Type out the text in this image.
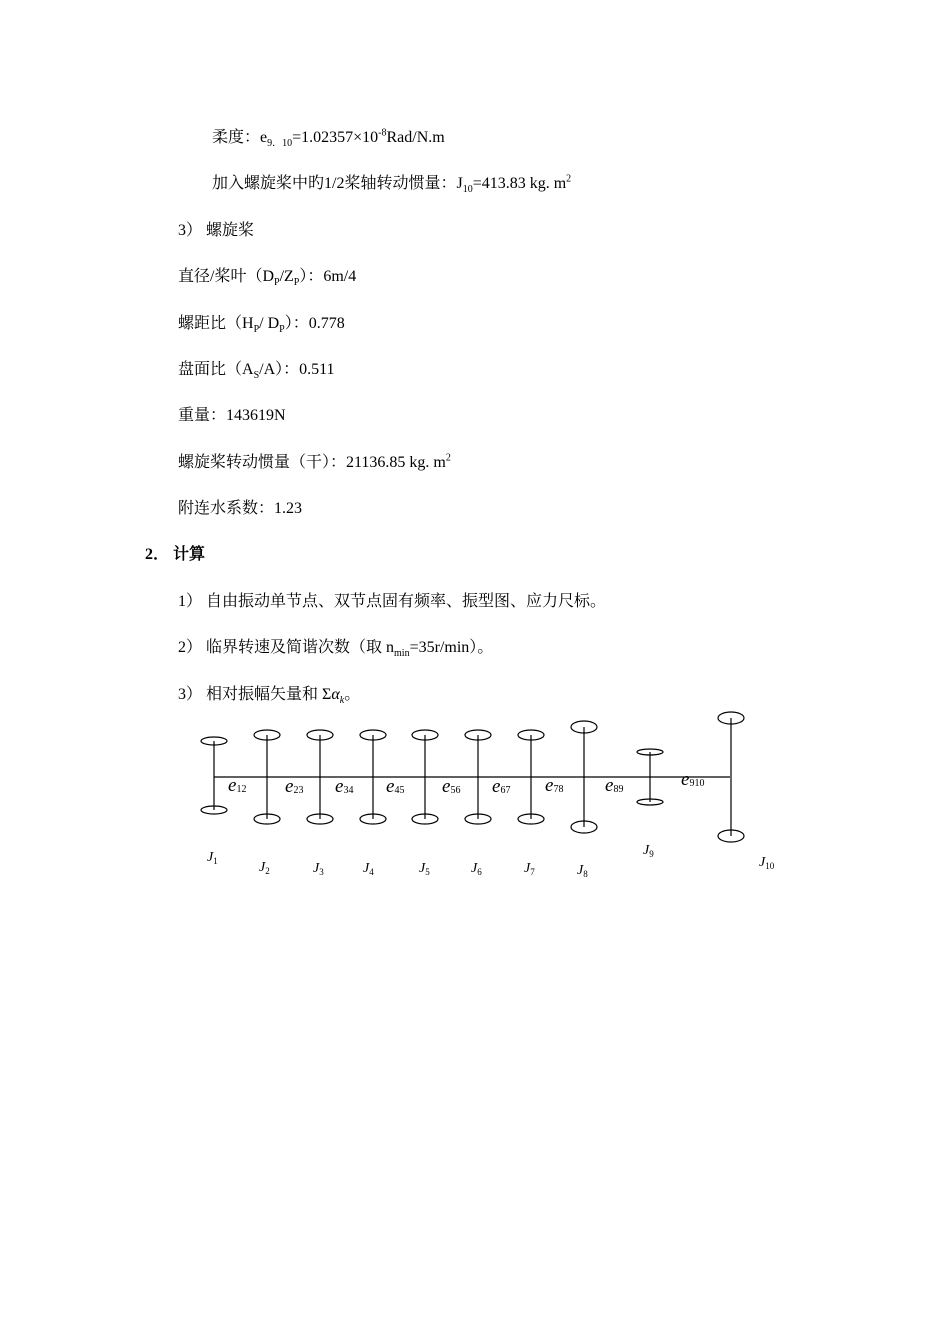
柔度：$e_{9.10}=1.02357\times 10^{-8}Rad/N.m$
加入螺旋桨中旳1/2桨轴转动惯量：$J_{10}=413.83$ kg. $m^2$
3） 螺旋桨
直径/桨叶$(D_P/Z_P)$：6m/4
螺距比（$H_P/$ $D_P$）：0.778
盘面比$(A_S/A)$：0.511
重量：143619N
螺旋桨转动惯量（干）：21136.85 kg. $m^2$
附连水系数：1.23
2． 计算
1） 自由振动单节点、双节点固有频率、振型图、应力尺标。
2） 临界转速及简谐次数（取 $n_{min}=35r/\min$）。
3） 相对振幅矢量和 $\Sigma\alpha_k$。
e12 e23 e34 e45 e56 e67 e78 e89	e910
J1	J2	J3	J4	J5	J6	J7	J8
J9
J10
